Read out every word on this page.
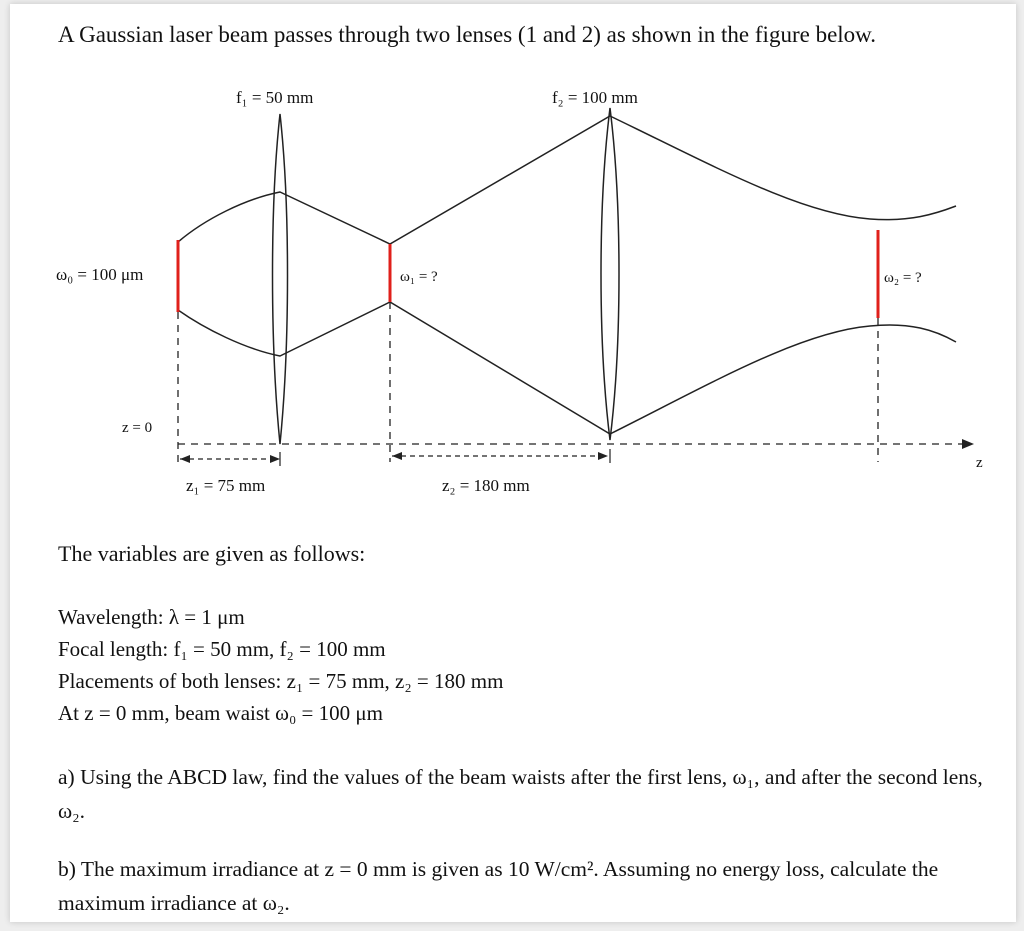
A Gaussian laser beam passes through two lenses (1 and 2) as shown in the figure below.

f₁ = 50 mm	f₂ = 100 mm
ω₀ = 100 μm	ω₁ = ?	ω₂ = ?
z = 0
z₁ = 75 mm	z₂ = 180 mm
z

The variables are given as follows:

Wavelength: λ = 1 μm
Focal length: f₁ = 50 mm, f₂ = 100 mm
Placements of both lenses: z₁ = 75 mm, z₂ = 180 mm
At z = 0 mm, beam waist ω₀ = 100 μm

a) Using the ABCD law, find the values of the beam waists after the first lens, ω₁, and after the second lens, ω₂.

b) The maximum irradiance at z = 0 mm is given as 10 W/cm². Assuming no energy loss, calculate the maximum irradiance at ω₂.
